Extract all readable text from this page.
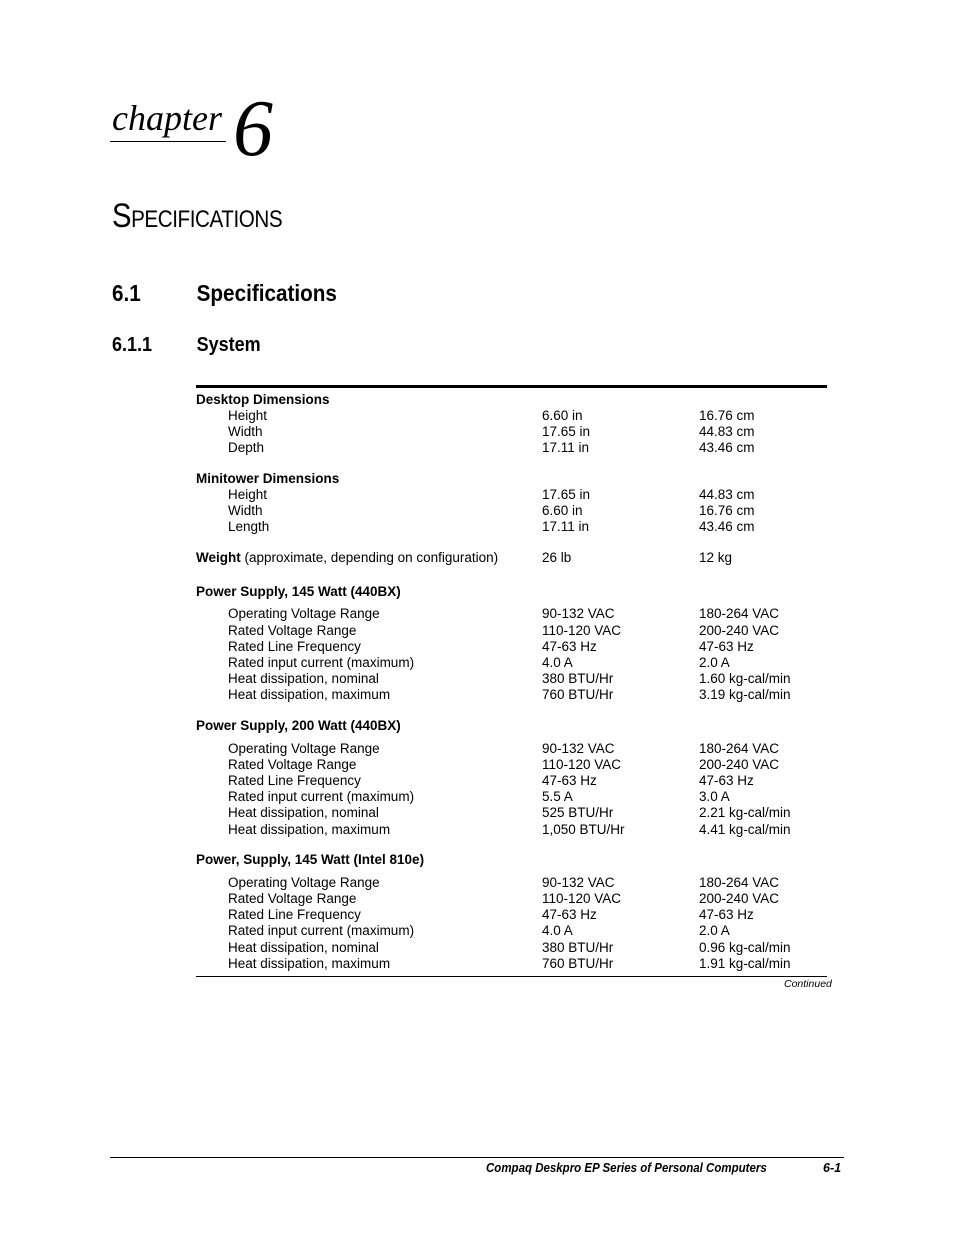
chapter 6
Specifications
6.1 Specifications
6.1.1 System
Desktop Dimensions
Height	6.60 in	16.76 cm
Width	17.65 in	44.83 cm
Depth	17.11 in	43.46 cm
Minitower Dimensions
Height	17.65 in	44.83 cm
Width	6.60 in	16.76 cm
Length	17.11 in	43.46 cm
Weight (approximate, depending on configuration)	26 lb	12 kg
Power Supply, 145 Watt (440BX)
Operating Voltage Range	90-132 VAC	180-264 VAC
Rated Voltage Range	110-120 VAC	200-240 VAC
Rated Line Frequency	47-63 Hz	47-63 Hz
Rated input current (maximum)	4.0 A	2.0 A
Heat dissipation, nominal	380 BTU/Hr	1.60 kg-cal/min
Heat dissipation, maximum	760 BTU/Hr	3.19 kg-cal/min
Power Supply, 200 Watt (440BX)
Operating Voltage Range	90-132 VAC	180-264 VAC
Rated Voltage Range	110-120 VAC	200-240 VAC
Rated Line Frequency	47-63 Hz	47-63 Hz
Rated input current (maximum)	5.5 A	3.0 A
Heat dissipation, nominal	525 BTU/Hr	2.21 kg-cal/min
Heat dissipation, maximum	1,050 BTU/Hr	4.41 kg-cal/min
Power, Supply, 145 Watt (Intel 810e)
Operating Voltage Range	90-132 VAC	180-264 VAC
Rated Voltage Range	110-120 VAC	200-240 VAC
Rated Line Frequency	47-63 Hz	47-63 Hz
Rated input current (maximum)	4.0 A	2.0 A
Heat dissipation, nominal	380 BTU/Hr	0.96 kg-cal/min
Heat dissipation, maximum	760 BTU/Hr	1.91 kg-cal/min
Continued
Compaq Deskpro EP Series of Personal Computers	6-1
